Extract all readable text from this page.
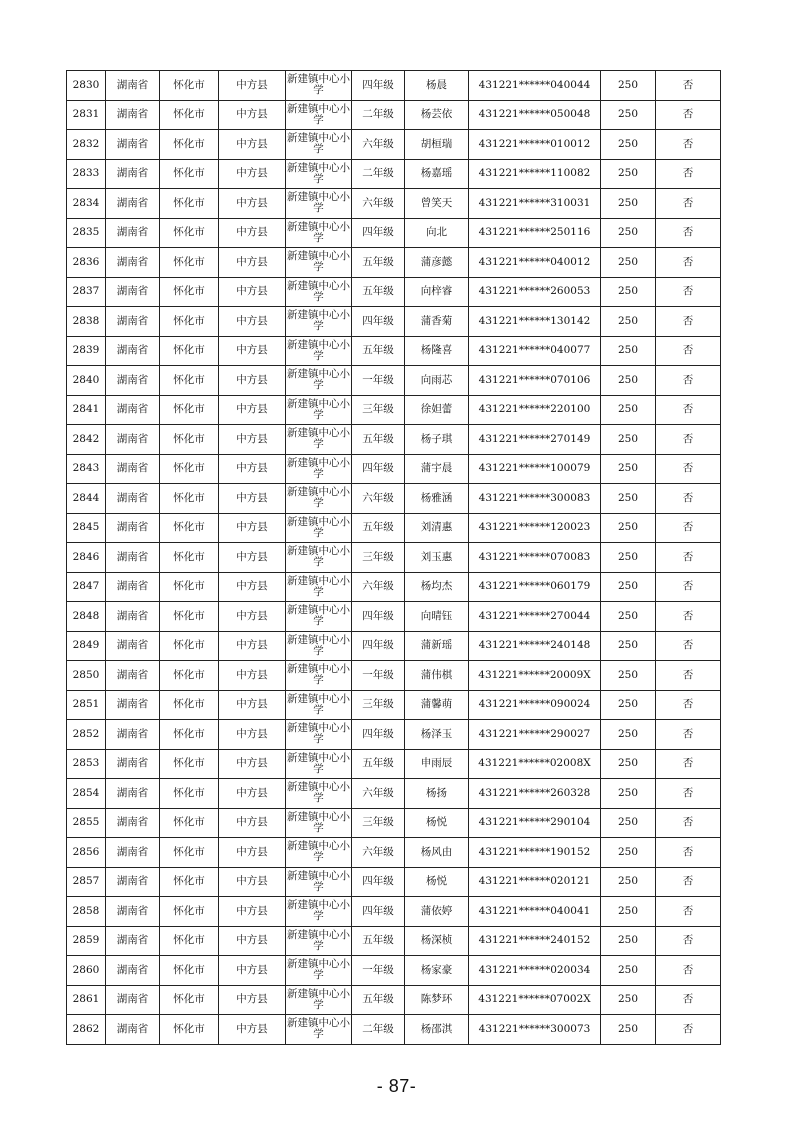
2830	湖南省	怀化市	中方县	新建镇中心小学	四年级	杨晨	431221******040044	250	否
2831	湖南省	怀化市	中方县	新建镇中心小学	二年级	杨芸依	431221******050048	250	否
2832	湖南省	怀化市	中方县	新建镇中心小学	六年级	胡桓瑞	431221******010012	250	否
2833	湖南省	怀化市	中方县	新建镇中心小学	二年级	杨嘉瑶	431221******110082	250	否
2834	湖南省	怀化市	中方县	新建镇中心小学	六年级	曾笑天	431221******310031	250	否
2835	湖南省	怀化市	中方县	新建镇中心小学	四年级	向北	431221******250116	250	否
2836	湖南省	怀化市	中方县	新建镇中心小学	五年级	蒲彦懿	431221******040012	250	否
2837	湖南省	怀化市	中方县	新建镇中心小学	五年级	向梓睿	431221******260053	250	否
2838	湖南省	怀化市	中方县	新建镇中心小学	四年级	蒲香菊	431221******130142	250	否
2839	湖南省	怀化市	中方县	新建镇中心小学	五年级	杨隆喜	431221******040077	250	否
2840	湖南省	怀化市	中方县	新建镇中心小学	一年级	向雨芯	431221******070106	250	否
2841	湖南省	怀化市	中方县	新建镇中心小学	三年级	徐妲蕾	431221******220100	250	否
2842	湖南省	怀化市	中方县	新建镇中心小学	五年级	杨子琪	431221******270149	250	否
2843	湖南省	怀化市	中方县	新建镇中心小学	四年级	蒲宇晨	431221******100079	250	否
2844	湖南省	怀化市	中方县	新建镇中心小学	六年级	杨雅涵	431221******300083	250	否
2845	湖南省	怀化市	中方县	新建镇中心小学	五年级	刘清惠	431221******120023	250	否
2846	湖南省	怀化市	中方县	新建镇中心小学	三年级	刘玉惠	431221******070083	250	否
2847	湖南省	怀化市	中方县	新建镇中心小学	六年级	杨均杰	431221******060179	250	否
2848	湖南省	怀化市	中方县	新建镇中心小学	四年级	向晴钰	431221******270044	250	否
2849	湖南省	怀化市	中方县	新建镇中心小学	四年级	蒲新瑶	431221******240148	250	否
2850	湖南省	怀化市	中方县	新建镇中心小学	一年级	蒲伟棋	431221******20009X	250	否
2851	湖南省	怀化市	中方县	新建镇中心小学	三年级	蒲馨萌	431221******090024	250	否
2852	湖南省	怀化市	中方县	新建镇中心小学	四年级	杨泽玉	431221******290027	250	否
2853	湖南省	怀化市	中方县	新建镇中心小学	五年级	申雨辰	431221******02008X	250	否
2854	湖南省	怀化市	中方县	新建镇中心小学	六年级	杨扬	431221******260328	250	否
2855	湖南省	怀化市	中方县	新建镇中心小学	三年级	杨悦	431221******290104	250	否
2856	湖南省	怀化市	中方县	新建镇中心小学	六年级	杨风由	431221******190152	250	否
2857	湖南省	怀化市	中方县	新建镇中心小学	四年级	杨悦	431221******020121	250	否
2858	湖南省	怀化市	中方县	新建镇中心小学	四年级	蒲依婷	431221******040041	250	否
2859	湖南省	怀化市	中方县	新建镇中心小学	五年级	杨深桢	431221******240152	250	否
2860	湖南省	怀化市	中方县	新建镇中心小学	一年级	杨家豪	431221******020034	250	否
2861	湖南省	怀化市	中方县	新建镇中心小学	五年级	陈梦环	431221******07002X	250	否
2862	湖南省	怀化市	中方县	新建镇中心小学	二年级	杨邵淇	431221******300073	250	否
- 87-
